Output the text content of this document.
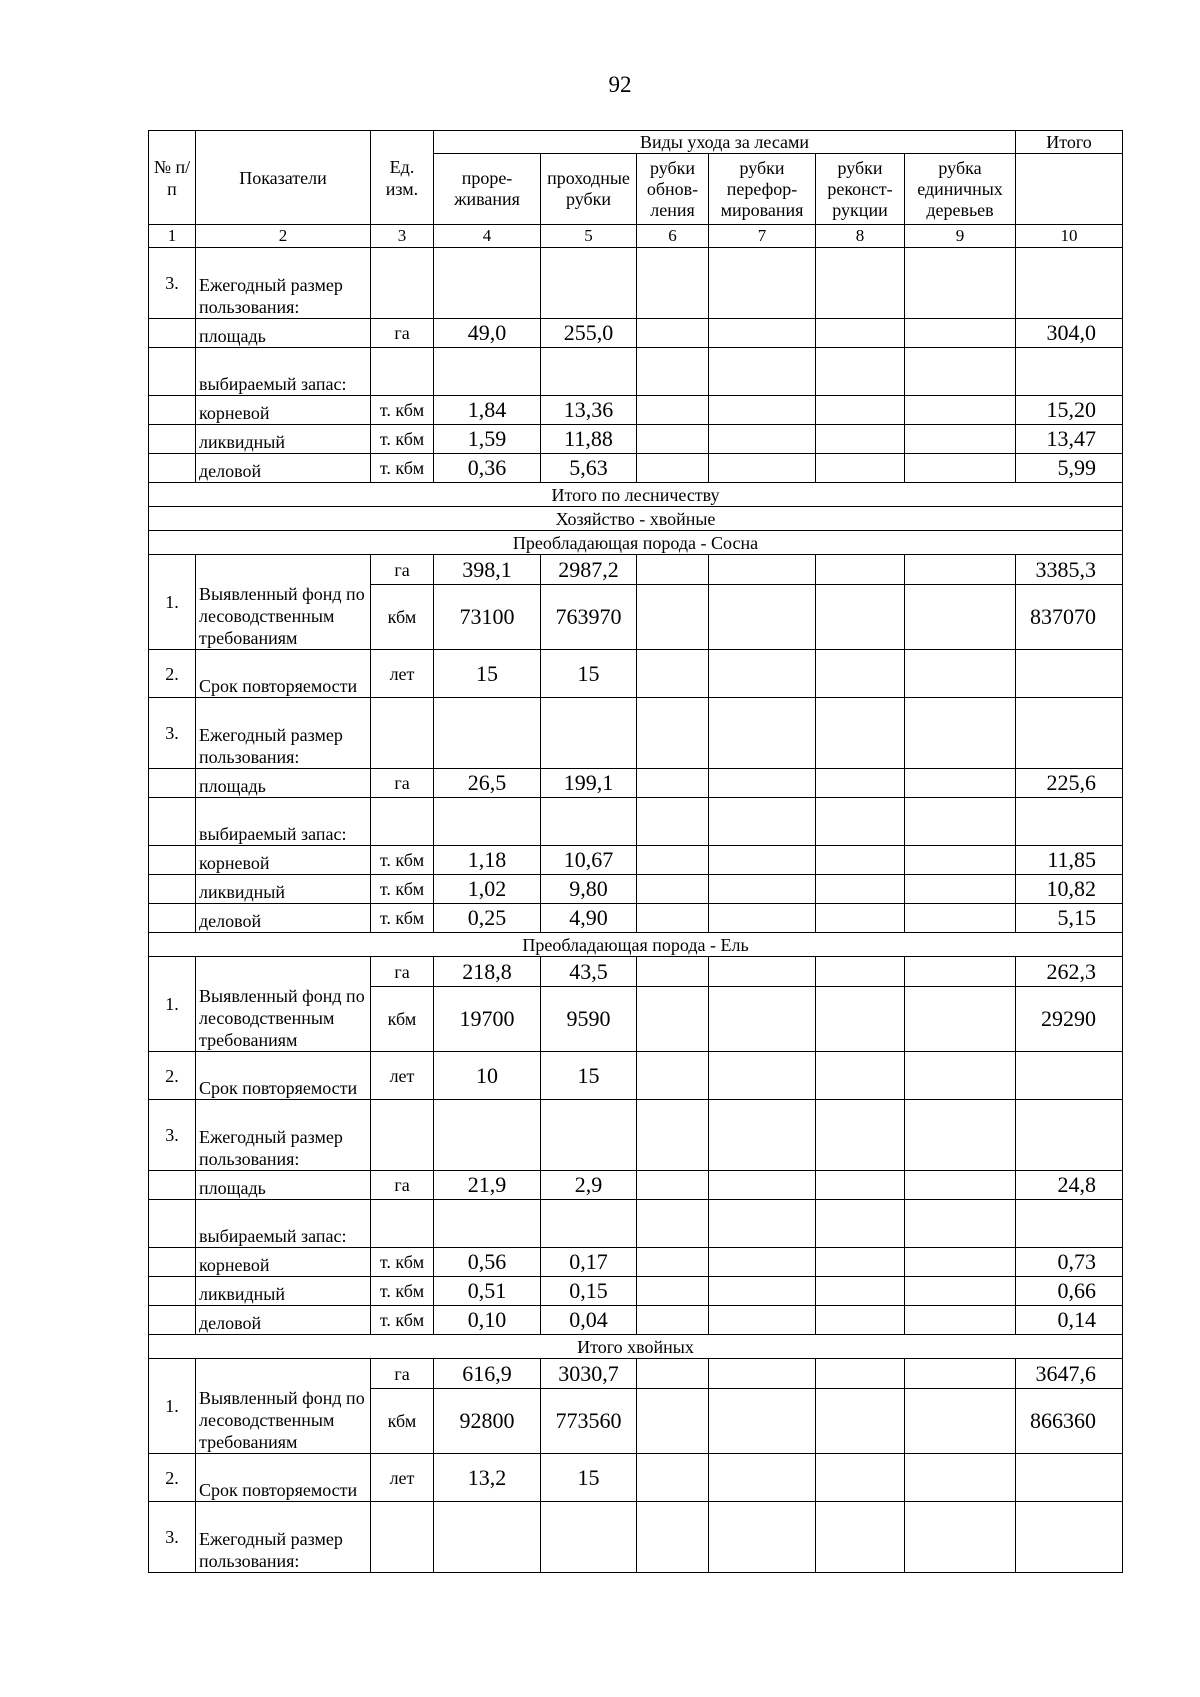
92
№ п/п	Показатели	Ед. изм.	Виды ухода за лесами						Итого
			проре-живания	проходные рубки	рубки обнов-ления	рубки перефор-мирования	рубки реконст-рукции	рубка единичных деревьев	
1	2	3	4	5	6	7	8	9	10
3.	Ежегодный размер пользования:								
	площадь	га	49,0	255,0					304,0
	выбираемый запас:								
	корневой	т. кбм	1,84	13,36					15,20
	ликвидный	т. кбм	1,59	11,88					13,47
	деловой	т. кбм	0,36	5,63					5,99
Итого по лесничеству									
Хозяйство - хвойные									
Преобладающая порода - Сосна									
1.	Выявленный фонд по лесоводственным требованиям	га	398,1	2987,2					3385,3
		кбм	73100	763970					837070
2.	Срок повторяемости	лет	15	15					
3.	Ежегодный размер пользования:								
	площадь	га	26,5	199,1					225,6
	выбираемый запас:								
	корневой	т. кбм	1,18	10,67					11,85
	ликвидный	т. кбм	1,02	9,80					10,82
	деловой	т. кбм	0,25	4,90					5,15
Преобладающая порода - Ель									
1.	Выявленный фонд по лесоводственным требованиям	га	218,8	43,5					262,3
		кбм	19700	9590					29290
2.	Срок повторяемости	лет	10	15					
3.	Ежегодный размер пользования:								
	площадь	га	21,9	2,9					24,8
	выбираемый запас:								
	корневой	т. кбм	0,56	0,17					0,73
	ликвидный	т. кбм	0,51	0,15					0,66
	деловой	т. кбм	0,10	0,04					0,14
Итого хвойных									
1.	Выявленный фонд по лесоводственным требованиям	га	616,9	3030,7					3647,6
		кбм	92800	773560					866360
2.	Срок повторяемости	лет	13,2	15					
3.	Ежегодный размер пользования:								
